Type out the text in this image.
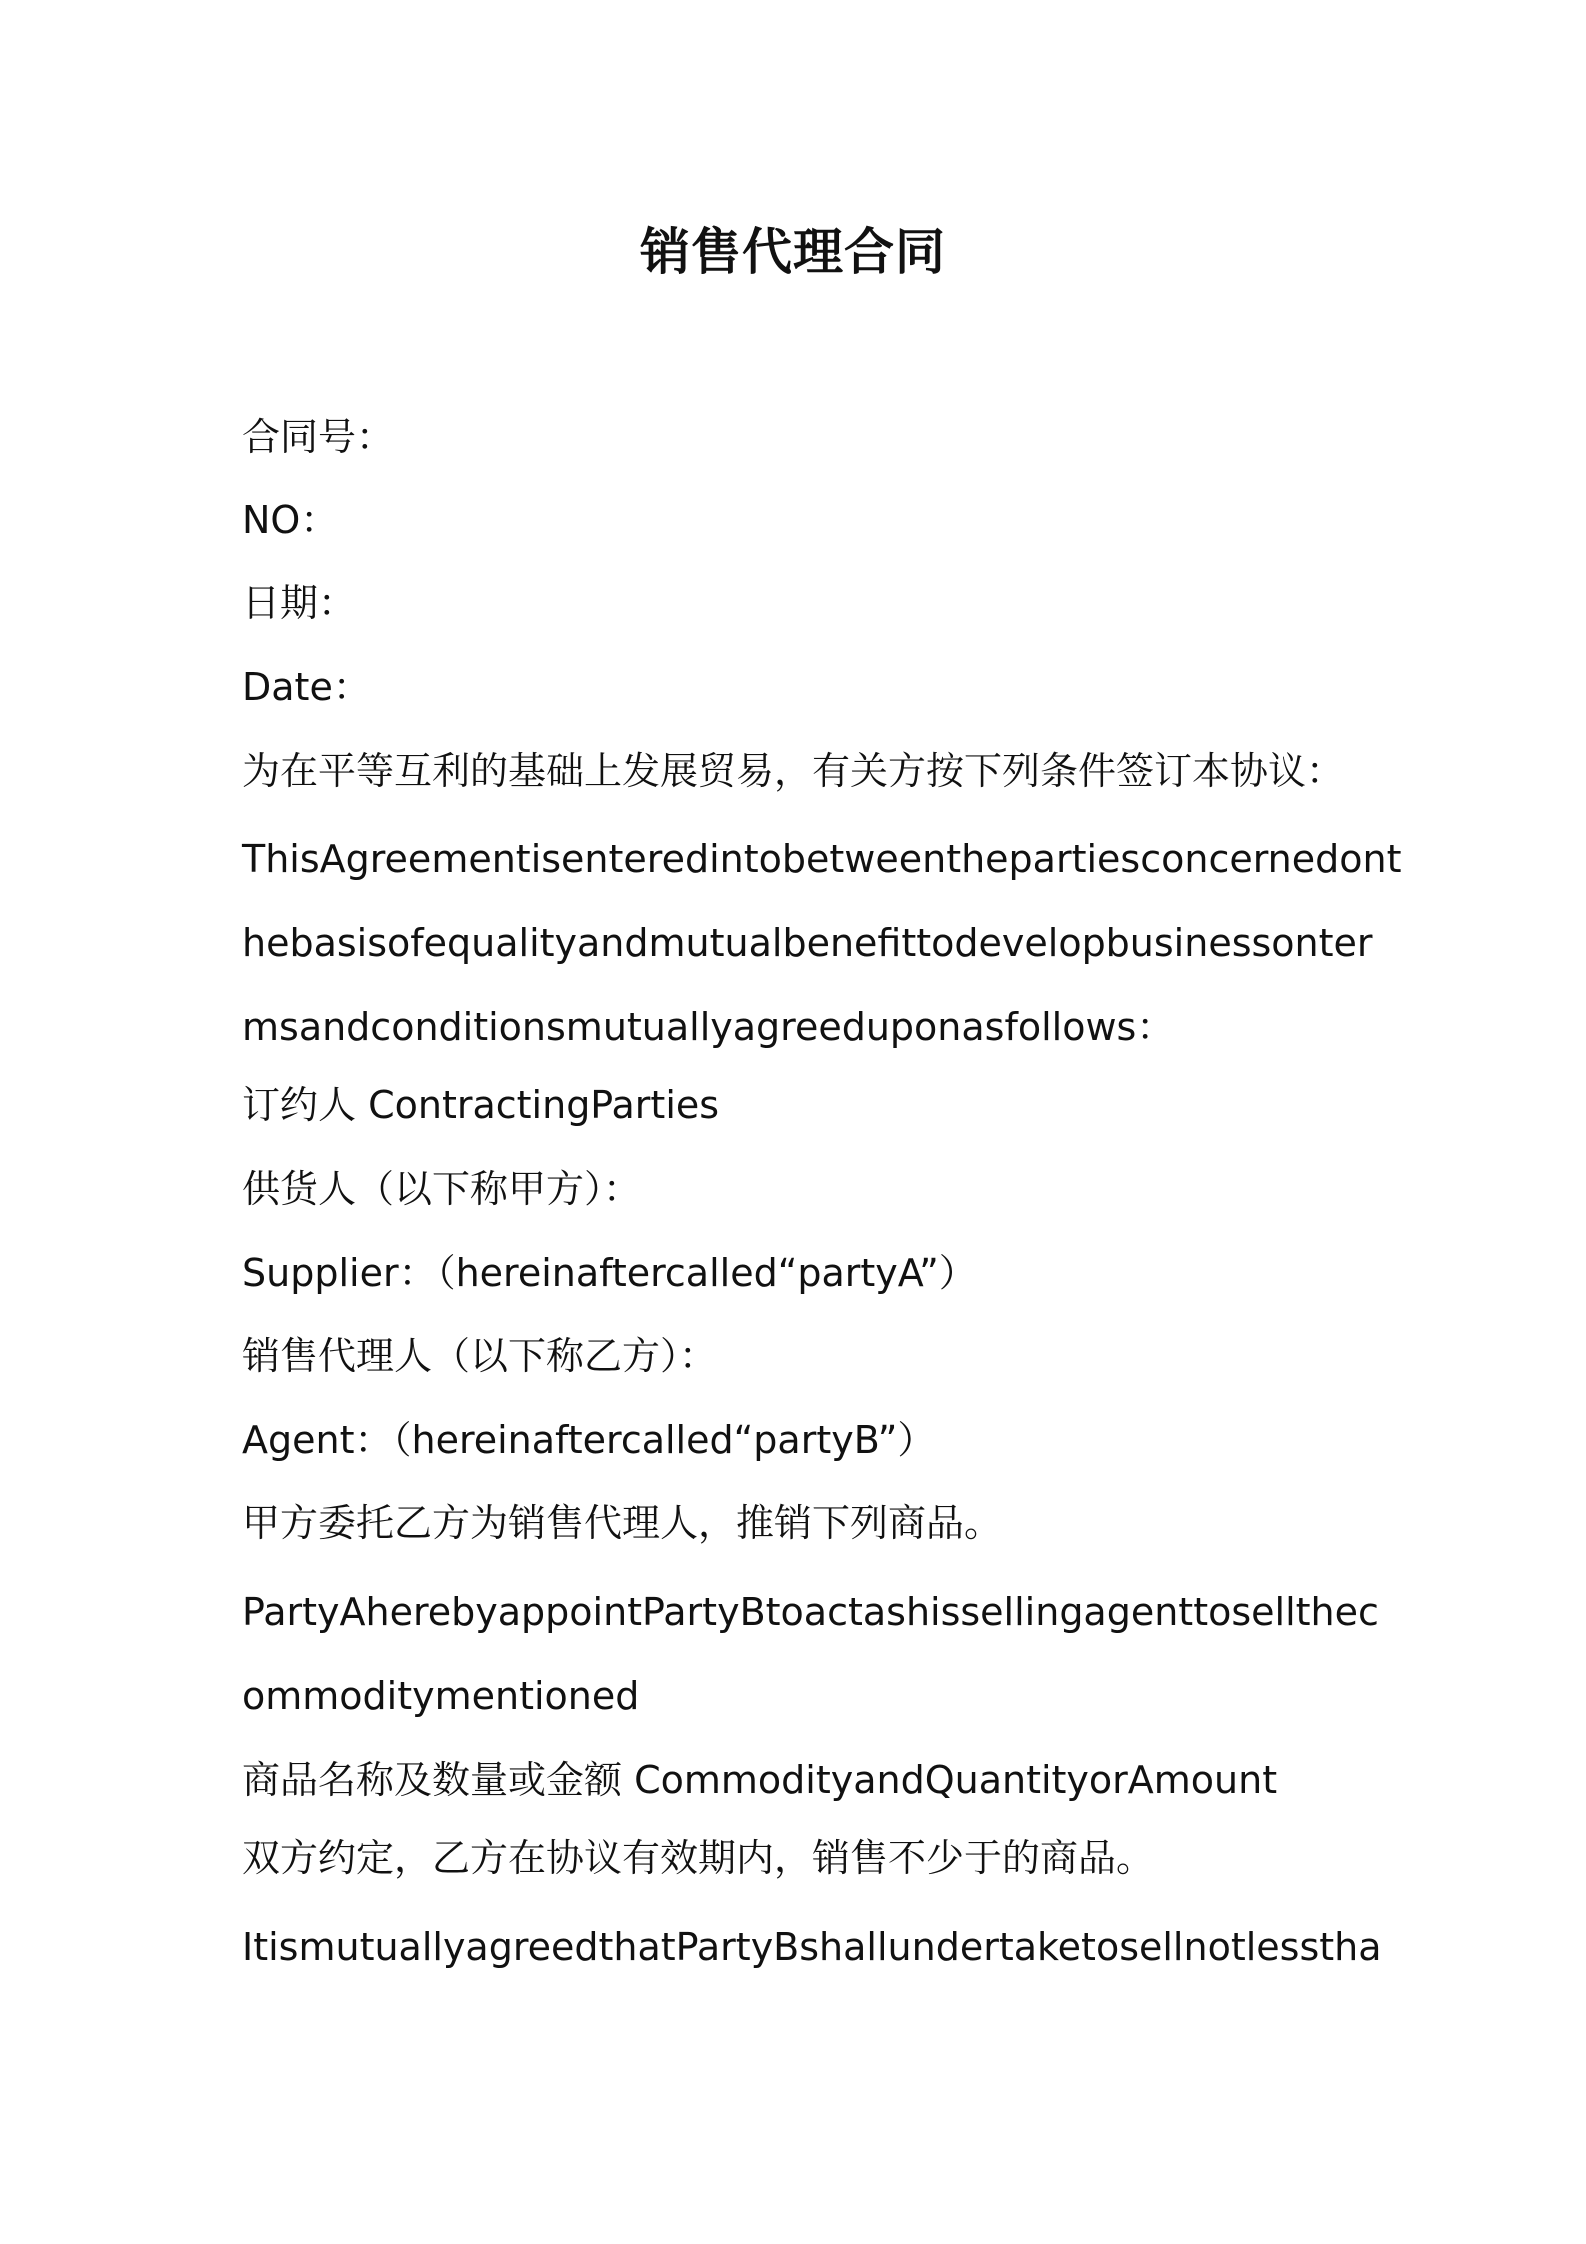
销售代理合同

合同号：

NO：

日期：

Date：

为在平等互利的基础上发展贸易，有关方按下列条件签订本协议：

ThisAgreementisenteredintobetweenthepartiesconcernedont

hebasisofequalityandmutualbenefittodevelopbusinessonter

msandconditionsmutuallyagreeduponasfollows：

订约人 ContractingParties

供货人（以下称甲方）：

Supplier：（hereinaftercalled“partyA”）

销售代理人（以下称乙方）：

Agent：（hereinaftercalled“partyB”）

甲方委托乙方为销售代理人，推销下列商品。

PartyAherebyappointPartyBtoactashissellingagenttosellthec

ommoditymentioned

商品名称及数量或金额 CommodityandQuantityorAmount

双方约定，乙方在协议有效期内，销售不少于的商品。

ItismutuallyagreedthatPartyBshallundertaketosellnotlesstha
